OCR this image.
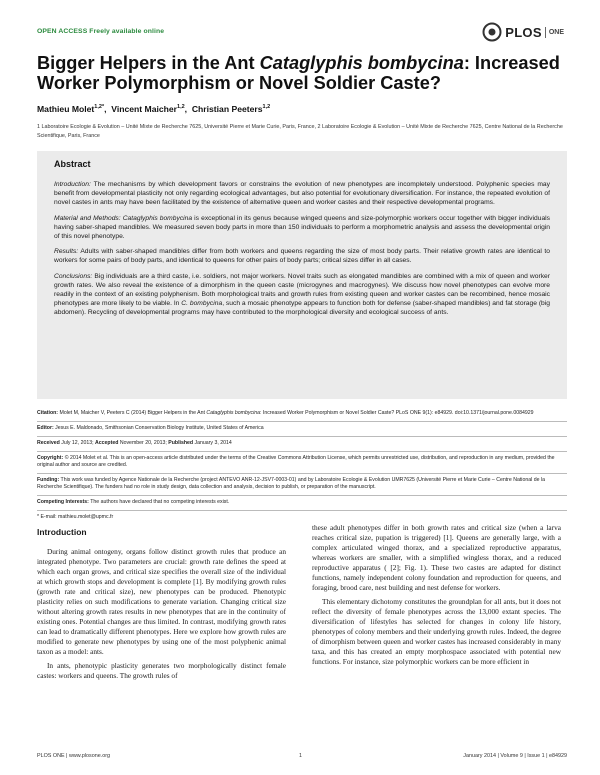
OPEN ACCESS Freely available online	PLOS ONE
Bigger Helpers in the Ant Cataglyphis bombycina: Increased Worker Polymorphism or Novel Soldier Caste?
Mathieu Molet$^{1,2*}$,  Vincent Maicher$^{1,2}$,  Christian Peeters$^{1,2}$
1 Laboratoire Ecologie & Evolution – Unité Mixte de Recherche 7625, Université Pierre et Marie Curie, Paris, France, 2 Laboratoire Ecologie & Evolution – Unité Mixte de Recherche 7625, Centre National de la Recherche Scientifique, Paris, France
Abstract

Introduction: The mechanisms by which development favors or constrains the evolution of new phenotypes are incompletely understood. Polyphenic species may benefit from developmental plasticity not only regarding ecological advantages, but also potential for evolutionary diversification. For instance, the repeated evolution of novel castes in ants may have been facilitated by the existence of alternative queen and worker castes and their respective developmental programs.

Material and Methods: Cataglyphis bombycina is exceptional in its genus because winged queens and size-polymorphic workers occur together with bigger individuals having saber-shaped mandibles. We measured seven body parts in more than 150 individuals to perform a morphometric analysis and assess the developmental origin of this novel phenotype.

Results: Adults with saber-shaped mandibles differ from both workers and queens regarding the size of most body parts. Their relative growth rates are identical to workers for some pairs of body parts, and identical to queens for other pairs of body parts; critical sizes differ in all cases.

Conclusions: Big individuals are a third caste, i.e. soldiers, not major workers. Novel traits such as elongated mandibles are combined with a mix of queen and worker growth rates. We also reveal the existence of a dimorphism in the queen caste (microgynes and macrogynes). We discuss how novel phenotypes can evolve more readily in the context of an existing polyphenism. Both morphological traits and growth rules from existing queen and worker castes can be recombined, hence mosaic phenotypes are more likely to be viable. In C. bombycina, such a mosaic phenotype appears to function both for defense (saber-shaped mandibles) and fat storage (big abdomen). Recycling of developmental programs may have contributed to the morphological diversity and ecological success of ants.

Citation: Molet M, Maicher V, Peeters C (2014) Bigger Helpers in the Ant Cataglyphis bombycina: Increased Worker Polymorphism or Novel Soldier Caste? PLoS ONE 9(1): e84929. doi:10.1371/journal.pone.0084929
Editor: Jesus E. Maldonado, Smithsonian Conservation Biology Institute, United States of America
Received July 12, 2013; Accepted November 20, 2013; Published January 3, 2014
Copyright: © 2014 Molet et al. This is an open-access article distributed under the terms of the Creative Commons Attribution License, which permits unrestricted use, distribution, and reproduction in any medium, provided the original author and source are credited.
Funding: This work was funded by Agence Nationale de la Recherche (project ANTEVO ANR-12-JSV7-0003-01) and by Laboratoire Ecologie & Evolution UMR7625 (Université Pierre et Marie Curie – Centre National de la Recherche Scientifique). The funders had no role in study design, data collection and analysis, decision to publish, or preparation of the manuscript.
Competing Interests: The authors have declared that no competing interests exist.
* E-mail: mathieu.molet@upmc.fr
Introduction

During animal ontogeny, organs follow distinct growth rules that produce an integrated phenotype. Two parameters are crucial: growth rate defines the speed at which each organ grows, and critical size specifies the overall size of the individual at which growth stops and development is complete [1]. By modifying growth rules (growth rate and critical size), new phenotypes can be produced. Phenotypic plasticity relies on such modifications to generate variation. Changing critical size without altering growth rates results in new phenotypes that are in the continuity of existing ones. Potential changes are thus limited. In contrast, modifying growth rates can lead to dramatically different phenotypes. Here we explore how growth rules are modified to generate new phenotypes by using one of the most polyphenic animal taxon as a model: ants.

In ants, phenotypic plasticity generates two morphologically distinct female castes: workers and queens. The growth rules of

these adult phenotypes differ in both growth rates and critical size (when a larva reaches critical size, pupation is triggered) [1]. Queens are generally large, with a complex articulated winged thorax, and a specialized reproductive apparatus, whereas workers are smaller, with a simplified wingless thorax, and a reduced reproductive apparatus ( [2]; Fig. 1). These two castes are adapted for distinct functions, namely independent colony foundation and reproduction for queens, and foraging, brood care, nest building and nest defense for workers.

This elementary dichotomy constitutes the groundplan for all ants, but it does not reflect the diversity of female phenotypes across the 13,000 extant species. The diversification of lifestyles has selected for changes in colony life history, phenotypes of colony members and their underlying growth rules. Indeed, the degree of dimorphism between queen and worker castes has increased considerably in many taxa, and this has created an empty morphospace associated with potential new functions. For instance, size polymorphic workers can be more efficient in

PLOS ONE | www.plosone.org	1	January 2014 | Volume 9 | Issue 1 | e84929
